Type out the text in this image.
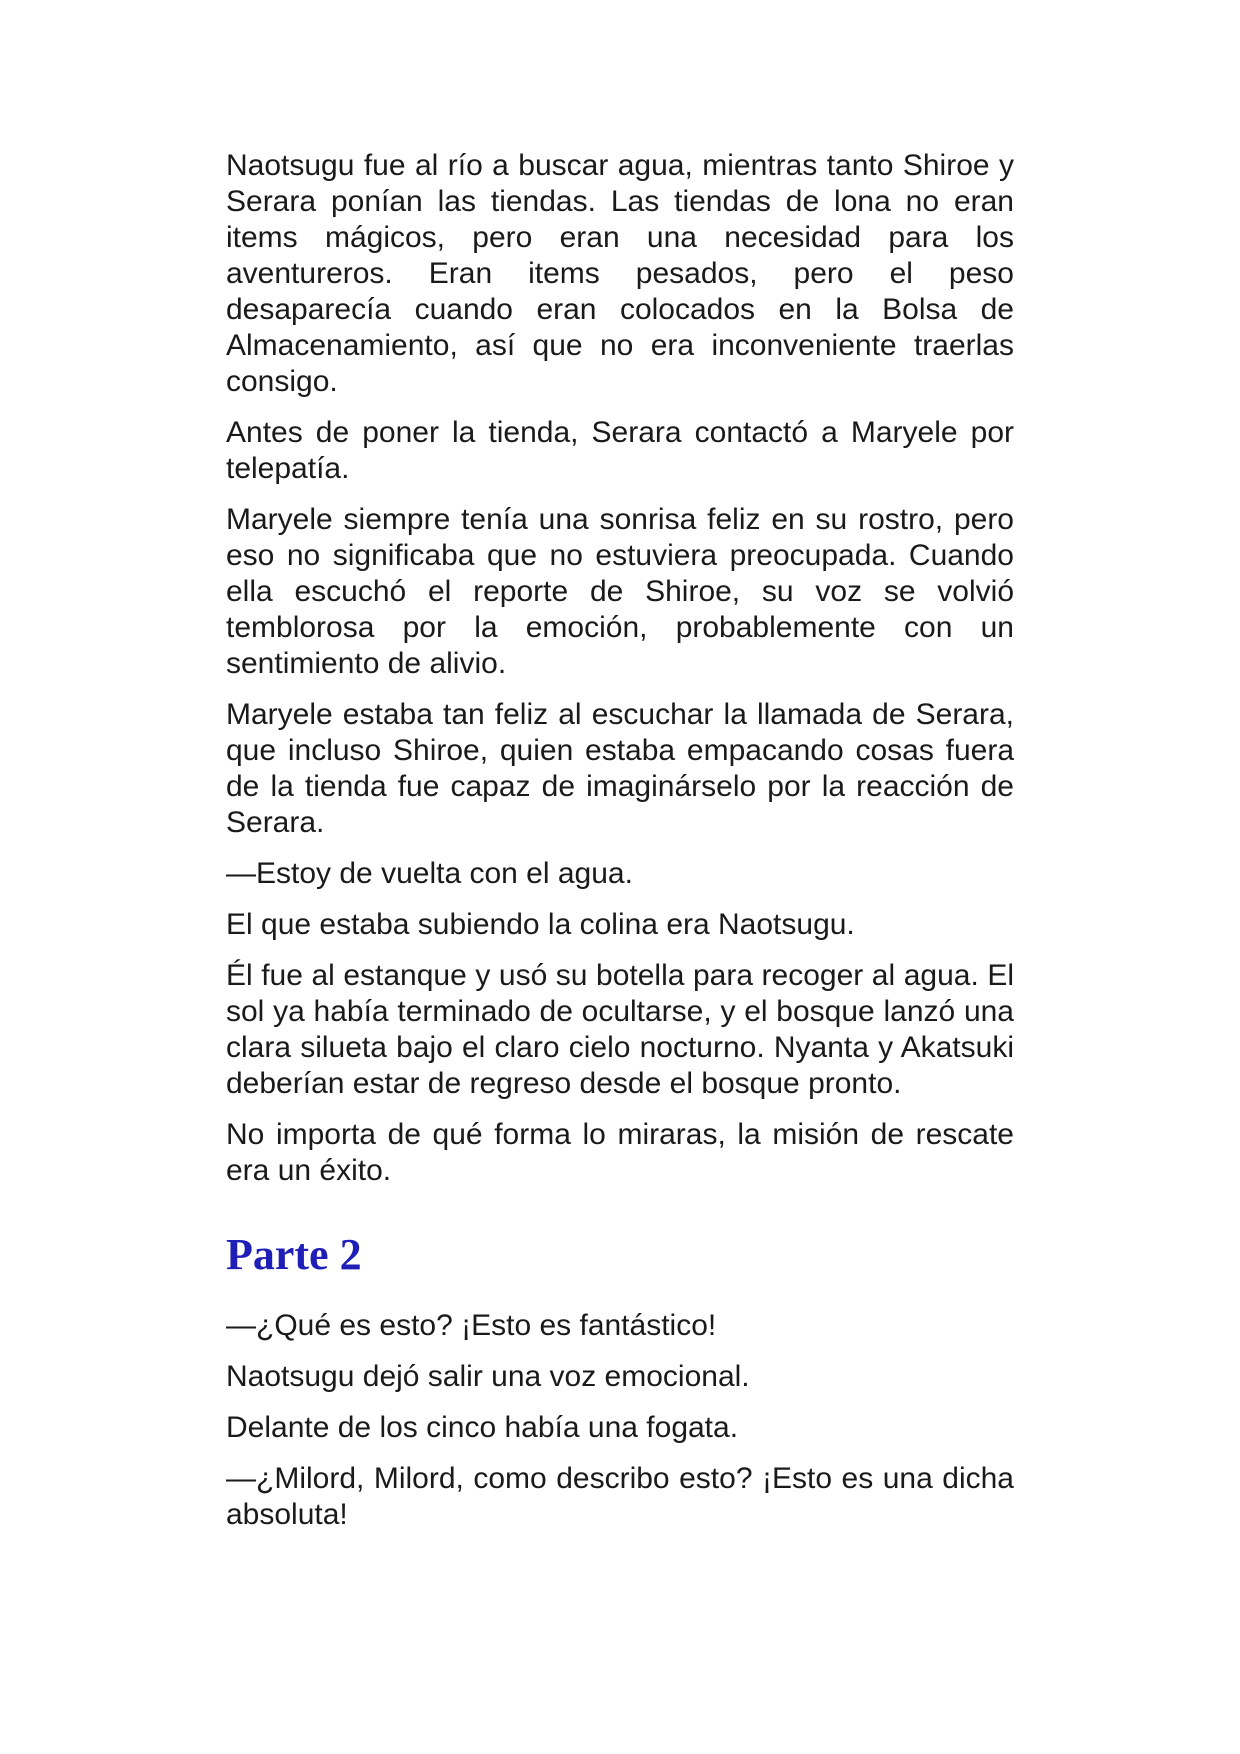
Naotsugu fue al río a buscar agua, mientras tanto Shiroe y Serara ponían las tiendas. Las tiendas de lona no eran items mágicos, pero eran una necesidad para los aventureros. Eran items pesados, pero el peso desaparecía cuando eran colocados en la Bolsa de Almacenamiento, así que no era inconveniente traerlas consigo.

Antes de poner la tienda, Serara contactó a Maryele por telepatía.

Maryele siempre tenía una sonrisa feliz en su rostro, pero eso no significaba que no estuviera preocupada. Cuando ella escuchó el reporte de Shiroe, su voz se volvió temblorosa por la emoción, probablemente con un sentimiento de alivio.

Maryele estaba tan feliz al escuchar la llamada de Serara, que incluso Shiroe, quien estaba empacando cosas fuera de la tienda fue capaz de imaginárselo por la reacción de Serara.

—Estoy de vuelta con el agua.

El que estaba subiendo la colina era Naotsugu.

Él fue al estanque y usó su botella para recoger al agua. El sol ya había terminado de ocultarse, y el bosque lanzó una clara silueta bajo el claro cielo nocturno. Nyanta y Akatsuki deberían estar de regreso desde el bosque pronto.

No importa de qué forma lo miraras, la misión de rescate era un éxito.

Parte 2

—¿Qué es esto? ¡Esto es fantástico!

Naotsugu dejó salir una voz emocional.

Delante de los cinco había una fogata.

—¿Milord, Milord, como describo esto? ¡Esto es una dicha absoluta!
